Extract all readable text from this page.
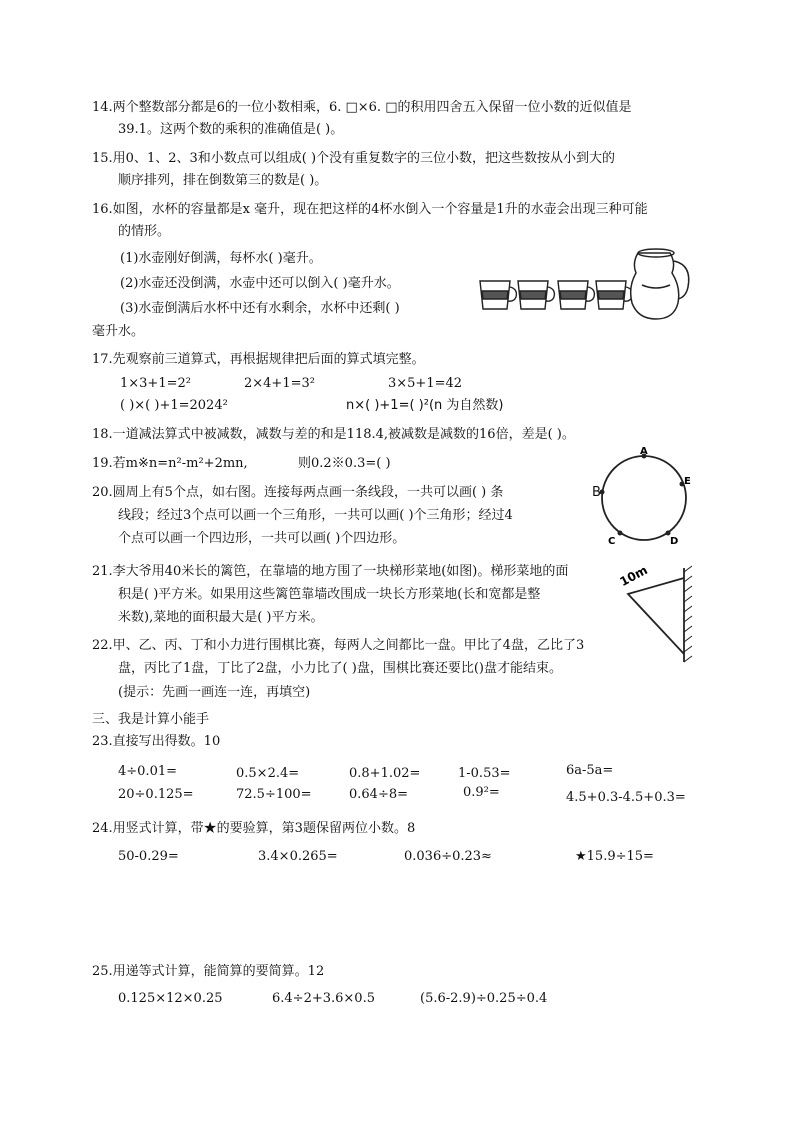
14.两个整数部分都是6的一位小数相乘，6. □×6. □的积用四舍五入保留一位小数的近似值是
39.1。这两个数的乘积的准确值是( )。
15.用0、1、2、3和小数点可以组成( )个没有重复数字的三位小数，把这些数按从小到大的
顺序排列，排在倒数第三的数是( )。
16.如图，水杯的容量都是x 毫升，现在把这样的4杯水倒入一个容量是1升的水壶会出现三种可能
的情形。
(1)水壶刚好倒满，每杯水( )毫升。
(2)水壶还没倒满，水壶中还可以倒入( )毫升水。
(3)水壶倒满后水杯中还有水剩余，水杯中还剩( )
毫升水。
17.先观察前三道算式，再根据规律把后面的算式填完整。
1×3+1=2²	2×4+1=3²	3×5+1=42
( )×( )+1=2024²	n×( )+1=( )²(n 为自然数)
18.一道减法算式中被减数，减数与差的和是118.4,被减数是减数的16倍，差是( )。
19.若m※n=n²-m²+2mn,	则0.2※0.3=( )
20.圆周上有5个点，如右图。连接每两点画一条线段，一共可以画( ) 条
线段；经过3个点可以画一个三角形，一共可以画( )个三角形；经过4
个点可以画一个四边形，一共可以画( )个四边形。
A
E
D
C
B
21.李大爷用40米长的篱笆，在靠墙的地方围了一块梯形菜地(如图)。梯形菜地的面
积是( )平方米。如果用这些篱笆靠墙改围成一块长方形菜地(长和宽都是整
米数),菜地的面积最大是( )平方米。
10m
22.甲、乙、丙、丁和小力进行围棋比赛，每两人之间都比一盘。甲比了4盘，乙比了3
盘，丙比了1盘，丁比了2盘，小力比了( )盘，围棋比赛还要比()盘才能结束。
(提示：先画一画连一连，再填空)
三、我是计算小能手
23.直接写出得数。10
4÷0.01=	0.5×2.4=	0.8+1.02=	1-0.53=	6a-5a=
20÷0.125=	72.5÷100=	0.64÷8=	0.9²=	4.5+0.3-4.5+0.3=
24.用竖式计算，带★的要验算，第3题保留两位小数。8
50-0.29=	3.4×0.265=	0.036÷0.23≈	★15.9÷15=
25.用递等式计算，能简算的要简算。12
0.125×12×0.25	6.4÷2+3.6×0.5	(5.6-2.9)÷0.25÷0.4
